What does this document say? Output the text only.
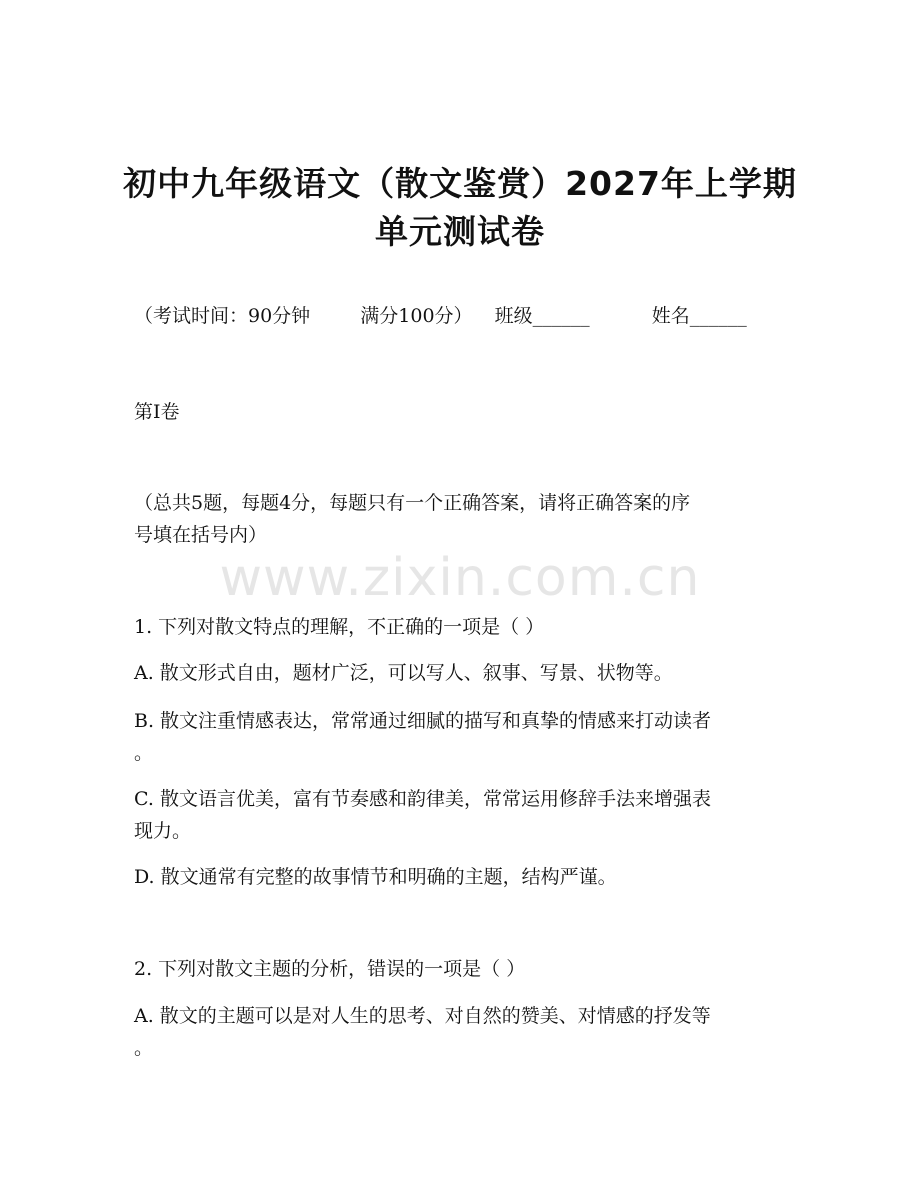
www.zixin.com.cn
初中九年级语文（散文鉴赏）2027年上学期
单元测试卷
（考试时间：90分钟	满分100分） 班级______	姓名______
第I卷
（总共5题，每题4分，每题只有一个正确答案，请将正确答案的序
号填在括号内）
1. 下列对散文特点的理解，不正确的一项是（ ）
A. 散文形式自由，题材广泛，可以写人、叙事、写景、状物等。
B. 散文注重情感表达，常常通过细腻的描写和真挚的情感来打动读者
。
C. 散文语言优美，富有节奏感和韵律美，常常运用修辞手法来增强表
现力。
D. 散文通常有完整的故事情节和明确的主题，结构严谨。
2. 下列对散文主题的分析，错误的一项是（ ）
A. 散文的主题可以是对人生的思考、对自然的赞美、对情感的抒发等
。
